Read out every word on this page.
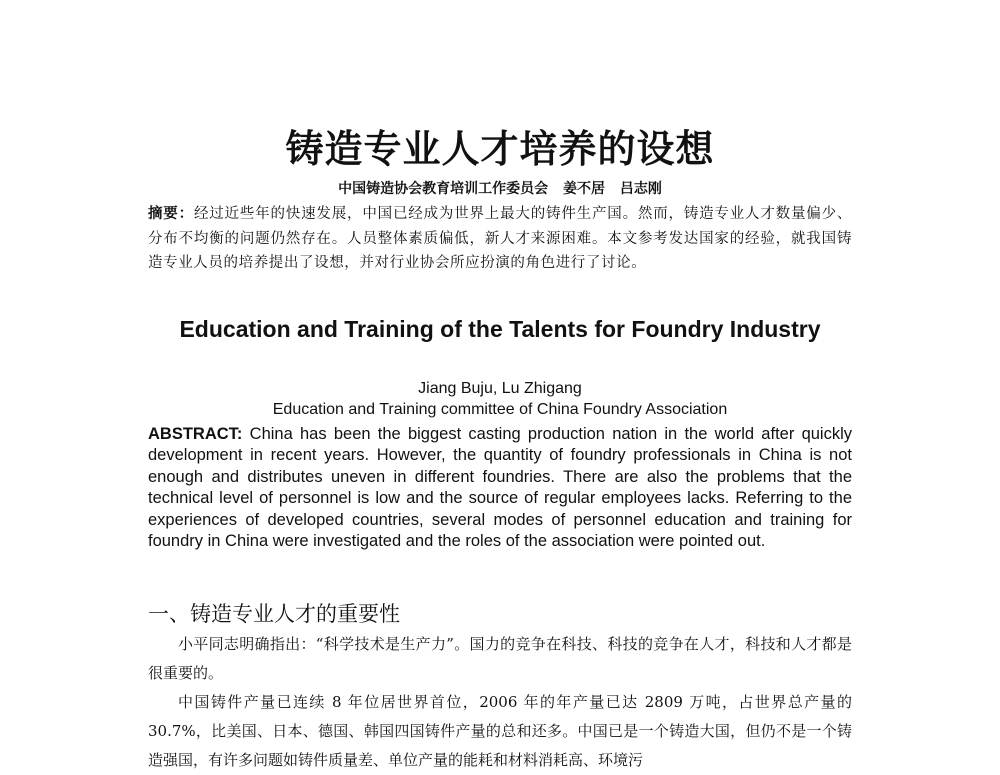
铸造专业人才培养的设想
中国铸造协会教育培训工作委员会 姜不居 吕志刚
摘要：经过近些年的快速发展，中国已经成为世界上最大的铸件生产国。然而，铸造专业人才数量偏少、分布不均衡的问题仍然存在。人员整体素质偏低，新人才来源困难。本文参考发达国家的经验，就我国铸造专业人员的培养提出了设想，并对行业协会所应扮演的角色进行了讨论。
Education and Training of the Talents for Foundry Industry
Jiang Buju, Lu Zhigang
Education and Training committee of China Foundry Association
ABSTRACT: China has been the biggest casting production nation in the world after quickly development in recent years. However, the quantity of foundry professionals in China is not enough and distributes uneven in different foundries. There are also the problems that the technical level of personnel is low and the source of regular employees lacks. Referring to the experiences of developed countries, several modes of personnel education and training for foundry in China were investigated and the roles of the association were pointed out.
一、铸造专业人才的重要性

小平同志明确指出：“科学技术是生产力”。国力的竞争在科技、科技的竞争在人才，科技和人才都是很重要的。

中国铸件产量已连续 8 年位居世界首位，2006 年的年产量已达 2809 万吨，占世界总产量的 30.7%，比美国、日本、德国、韩国四国铸件产量的总和还多。中国已是一个铸造大国，但仍不是一个铸造强国，有许多问题如铸件质量差、单位产量的能耗和材料消耗高、环境污
